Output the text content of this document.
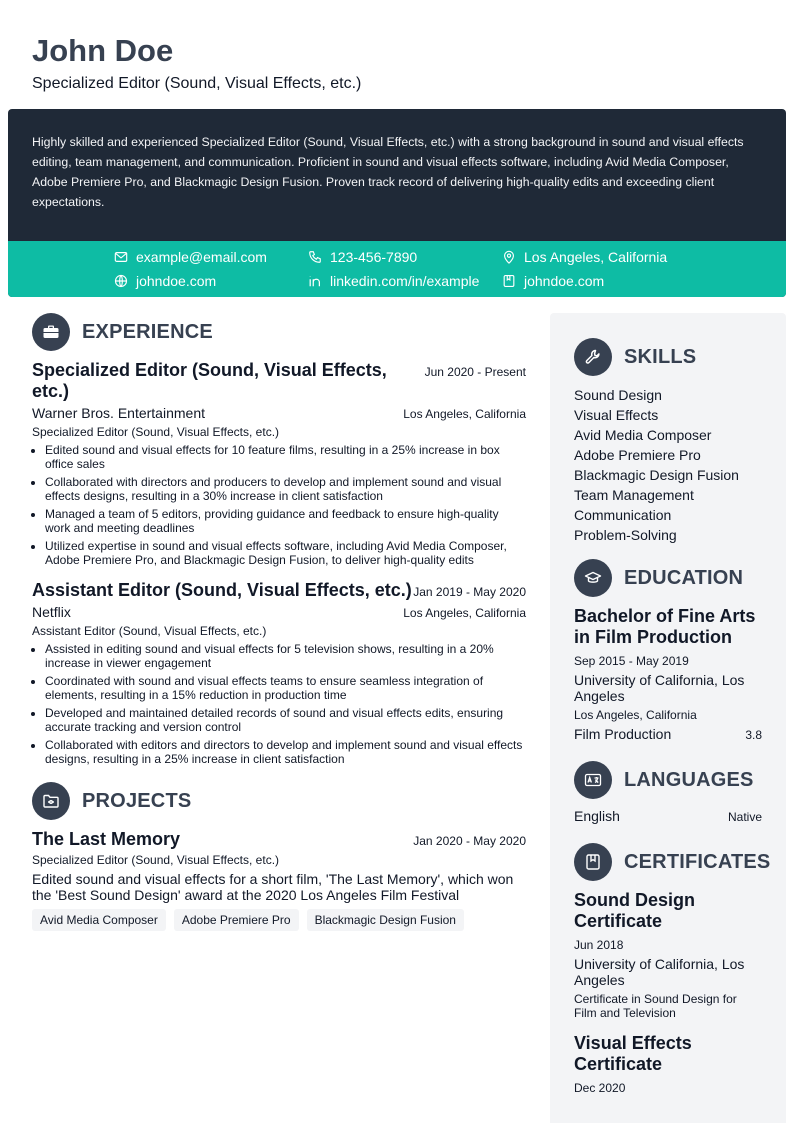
John Doe
Specialized Editor (Sound, Visual Effects, etc.)
Highly skilled and experienced Specialized Editor (Sound, Visual Effects, etc.) with a strong background in sound and visual effects editing, team management, and communication. Proficient in sound and visual effects software, including Avid Media Composer, Adobe Premiere Pro, and Blackmagic Design Fusion. Proven track record of delivering high-quality edits and exceeding client expectations.
example@email.com	123-456-7890	Los Angeles, California
johndoe.com	linkedin.com/in/example	johndoe.com
EXPERIENCE
Specialized Editor (Sound, Visual Effects, etc.)
Jun 2020 - Present
Warner Bros. Entertainment	Los Angeles, California
Specialized Editor (Sound, Visual Effects, etc.)
• Edited sound and visual effects for 10 feature films, resulting in a 25% increase in box office sales
• Collaborated with directors and producers to develop and implement sound and visual effects designs, resulting in a 30% increase in client satisfaction
• Managed a team of 5 editors, providing guidance and feedback to ensure high-quality work and meeting deadlines
• Utilized expertise in sound and visual effects software, including Avid Media Composer, Adobe Premiere Pro, and Blackmagic Design Fusion, to deliver high-quality edits
Assistant Editor (Sound, Visual Effects, etc.) Jan 2019 - May 2020
Netflix	Los Angeles, California
Assistant Editor (Sound, Visual Effects, etc.)
• Assisted in editing sound and visual effects for 5 television shows, resulting in a 20% increase in viewer engagement
• Coordinated with sound and visual effects teams to ensure seamless integration of elements, resulting in a 15% reduction in production time
• Developed and maintained detailed records of sound and visual effects edits, ensuring accurate tracking and version control
• Collaborated with editors and directors to develop and implement sound and visual effects designs, resulting in a 25% increase in client satisfaction
PROJECTS
The Last Memory	Jan 2020 - May 2020
Specialized Editor (Sound, Visual Effects, etc.)
Edited sound and visual effects for a short film, 'The Last Memory', which won the 'Best Sound Design' award at the 2020 Los Angeles Film Festival
Avid Media Composer	Adobe Premiere Pro	Blackmagic Design Fusion
SKILLS
Sound Design
Visual Effects
Avid Media Composer
Adobe Premiere Pro
Blackmagic Design Fusion
Team Management
Communication
Problem-Solving
EDUCATION
Bachelor of Fine Arts in Film Production
Sep 2015 - May 2019
University of California, Los Angeles
Los Angeles, California
Film Production	3.8
LANGUAGES
English	Native
CERTIFICATES
Sound Design Certificate
Jun 2018
University of California, Los Angeles
Certificate in Sound Design for Film and Television
Visual Effects Certificate
Dec 2020
